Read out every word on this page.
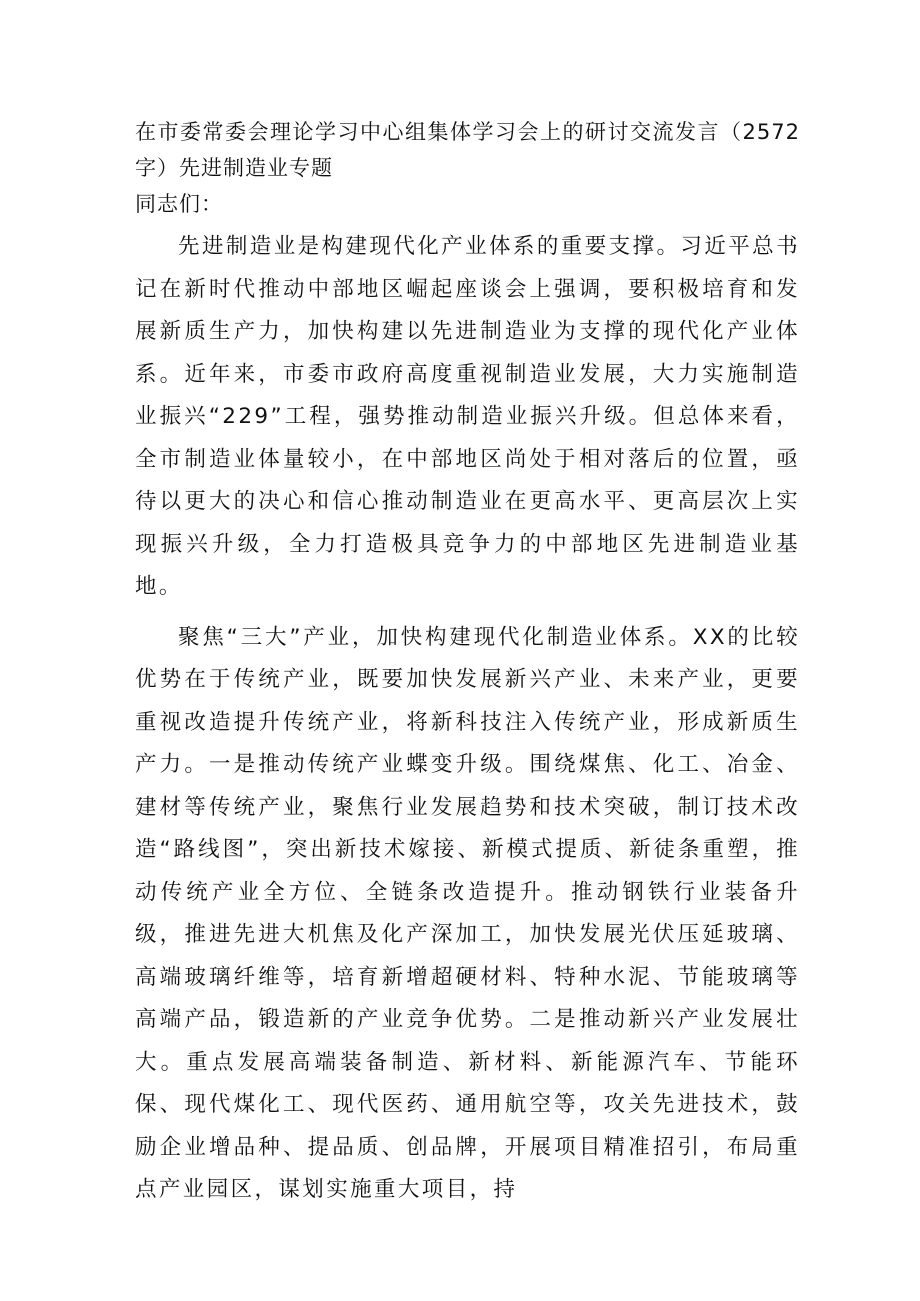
在市委常委会理论学习中心组集体学习会上的研讨交流发言（2572字）先进制造业专题

同志们：

先进制造业是构建现代化产业体系的重要支撑。习近平总书记在新时代推动中部地区崛起座谈会上强调，要积极培育和发展新质生产力，加快构建以先进制造业为支撑的现代化产业体系。近年来，市委市政府高度重视制造业发展，大力实施制造业振兴“229”工程，强势推动制造业振兴升级。但总体来看，全市制造业体量较小，在中部地区尚处于相对落后的位置，亟待以更大的决心和信心推动制造业在更高水平、更高层次上实现振兴升级，全力打造极具竞争力的中部地区先进制造业基地。

聚焦“三大”产业，加快构建现代化制造业体系。XX的比较优势在于传统产业，既要加快发展新兴产业、未来产业，更要重视改造提升传统产业，将新科技注入传统产业，形成新质生产力。一是推动传统产业蝶变升级。围绕煤焦、化工、冶金、建材等传统产业，聚焦行业发展趋势和技术突破，制订技术改造“路线图”，突出新技术嫁接、新模式提质、新徒条重塑，推动传统产业全方位、全链条改造提升。推动钢铁行业装备升级，推进先进大机焦及化产深加工，加快发展光伏压延玻璃、高端玻璃纤维等，培育新增超硬材料、特种水泥、节能玻璃等高端产品，锻造新的产业竞争优势。二是推动新兴产业发展壮大。重点发展高端装备制造、新材料、新能源汽车、节能环保、现代煤化工、现代医药、通用航空等，攻关先进技术，鼓励企业增品种、提品质、创品牌，开展项目精准招引，布局重点产业园区，谋划实施重大项目，持
